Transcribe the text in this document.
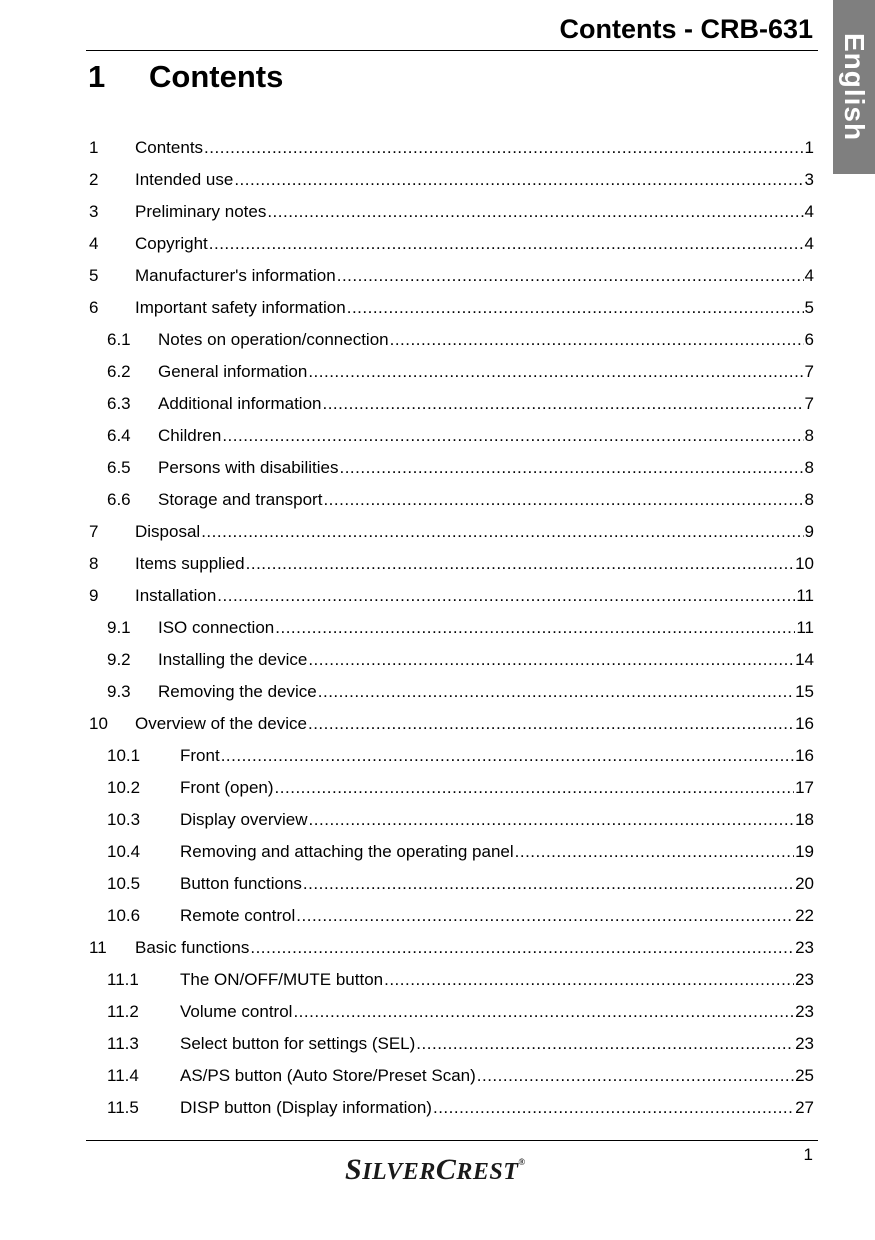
Contents - CRB-631
English
1 Contents
1	Contents .....	1
2	Intended use .....	3
3	Preliminary notes .....	4
4	Copyright .....	4
5	Manufacturer's information .....	4
6	Important safety information .....	5
6.1	Notes on operation/connection .....	6
6.2	General information .....	7
6.3	Additional information .....	7
6.4	Children .....	8
6.5	Persons with disabilities .....	8
6.6	Storage and transport .....	8
7	Disposal .....	9
8	Items supplied .....	10
9	Installation .....	11
9.1	ISO connection .....	11
9.2	Installing the device .....	14
9.3	Removing the device .....	15
10	Overview of the device .....	16
10.1	Front .....	16
10.2	Front (open) .....	17
10.3	Display overview .....	18
10.4	Removing and attaching the operating panel .....	19
10.5	Button functions .....	20
10.6	Remote control .....	22
11	Basic functions .....	23
11.1	The ON/OFF/MUTE button .....	23
11.2	Volume control .....	23
11.3	Select button for settings (SEL) .....	23
11.4	AS/PS button (Auto Store/Preset Scan) .....	25
11.5	DISP button (Display information) .....	27
1
SILVERCREST®
